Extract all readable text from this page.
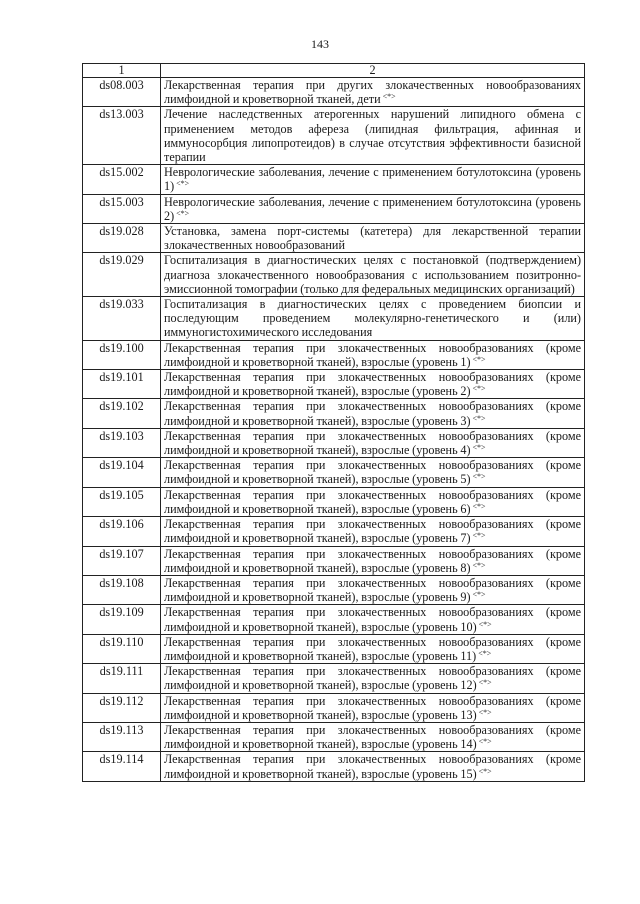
143
1	2
ds08.003	Лекарственная терапия при других злокачественных новообразованиях лимфоидной и кроветворной тканей, дети <*>
ds13.003	Лечение наследственных атерогенных нарушений липидного обмена с применением методов афереза (липидная фильтрация, афинная и иммуносорбция липопротеидов) в случае отсутствия эффективности базисной терапии
ds15.002	Неврологические заболевания, лечение с применением ботулотоксина (уровень 1) <*>
ds15.003	Неврологические заболевания, лечение с применением ботулотоксина (уровень 2) <*>
ds19.028	Установка, замена порт-системы (катетера) для лекарственной терапии злокачественных новообразований
ds19.029	Госпитализация в диагностических целях с постановкой (подтверждением) диагноза злокачественного новообразования с использованием позитронно-эмиссионной томографии (только для федеральных медицинских организаций)
ds19.033	Госпитализация в диагностических целях с проведением биопсии и последующим проведением молекулярно-генетического и (или) иммуногистохимического исследования
ds19.100	Лекарственная терапия при злокачественных новообразованиях (кроме лимфоидной и кроветворной тканей), взрослые (уровень 1) <*>
ds19.101	Лекарственная терапия при злокачественных новообразованиях (кроме лимфоидной и кроветворной тканей), взрослые (уровень 2) <*>
ds19.102	Лекарственная терапия при злокачественных новообразованиях (кроме лимфоидной и кроветворной тканей), взрослые (уровень 3) <*>
ds19.103	Лекарственная терапия при злокачественных новообразованиях (кроме лимфоидной и кроветворной тканей), взрослые (уровень 4) <*>
ds19.104	Лекарственная терапия при злокачественных новообразованиях (кроме лимфоидной и кроветворной тканей), взрослые (уровень 5) <*>
ds19.105	Лекарственная терапия при злокачественных новообразованиях (кроме лимфоидной и кроветворной тканей), взрослые (уровень 6) <*>
ds19.106	Лекарственная терапия при злокачественных новообразованиях (кроме лимфоидной и кроветворной тканей), взрослые (уровень 7) <*>
ds19.107	Лекарственная терапия при злокачественных новообразованиях (кроме лимфоидной и кроветворной тканей), взрослые (уровень 8) <*>
ds19.108	Лекарственная терапия при злокачественных новообразованиях (кроме лимфоидной и кроветворной тканей), взрослые (уровень 9) <*>
ds19.109	Лекарственная терапия при злокачественных новообразованиях (кроме лимфоидной и кроветворной тканей), взрослые (уровень 10) <*>
ds19.110	Лекарственная терапия при злокачественных новообразованиях (кроме лимфоидной и кроветворной тканей), взрослые (уровень 11) <*>
ds19.111	Лекарственная терапия при злокачественных новообразованиях (кроме лимфоидной и кроветворной тканей), взрослые (уровень 12) <*>
ds19.112	Лекарственная терапия при злокачественных новообразованиях (кроме лимфоидной и кроветворной тканей), взрослые (уровень 13) <*>
ds19.113	Лекарственная терапия при злокачественных новообразованиях (кроме лимфоидной и кроветворной тканей), взрослые (уровень 14) <*>
ds19.114	Лекарственная терапия при злокачественных новообразованиях (кроме лимфоидной и кроветворной тканей), взрослые (уровень 15) <*>
